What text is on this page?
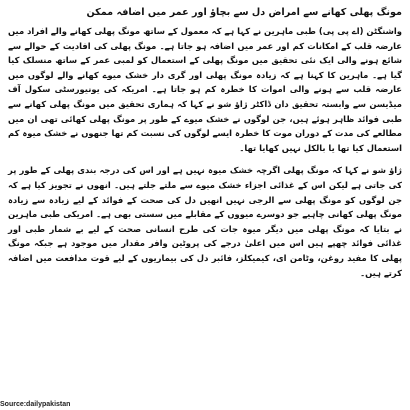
مونگ پھلی کھانے سے امراض دل سے بچاؤ اور عمر میں اضافہ ممکن

واشنگٹن (اے پی پی) طبی ماہرین نے کہا ہے کہ معمول کے ساتھ مونگ پھلی کھانے والے افراد میں عارضہ قلب کے امکانات کم اور عمر میں اضافہ ہو جاتا ہے۔ مونگ پھلی کی افادیت کے حوالے سے شائع ہونے والی ایک نئی تحقیق میں مونگ پھلی کے استعمال کو لمبی عمر کے ساتھ منسلک کیا گیا ہے۔ ماہرین کا کہنا ہے کہ زیادہ مونگ پھلی اور گری دار خشک میوے کھانے والے لوگوں میں عارضہ قلب سے ہونے والی اموات کا خطرہ کم ہو جاتا ہے۔ امریکہ کی یونیورسٹی سکول آف میڈیسن سے وابستہ تحقیق دان ڈاکٹر ژاؤ شو نے کہا کہ ہماری تحقیق میں مونگ پھلی کھانے سے طبی فوائد ظاہر ہوئے ہیں، جن لوگوں نے خشک میوے کے طور پر مونگ پھلی کھائی تھی ان میں مطالعے کی مدت کے دوران موت کا خطرہ ایسے لوگوں کی نسبت کم تھا جنھوں نے خشک میوہ کم استعمال کیا تھا یا بالکل نہیں کھایا تھا۔

ژاؤ شو نے کہا کہ مونگ پھلی اگرچہ خشک میوہ نہیں ہے اور اس کی درجہ بندی پھلی کے طور پر کی جاتی ہے لیکن اس کے غذائی اجزاء خشک میوے سے ملتے جلتے ہیں۔ انھوں نے تجویز کیا ہے کہ جن لوگوں کو مونگ پھلی سے الرجی نہیں انھیں دل کی صحت کے فوائد کے لیے زیادہ سے زیادہ مونگ پھلی کھانی چاہیے جو دوسرے میووں کے مقابلے میں سستی بھی ہے۔ امریکی طبی ماہرین نے بتایا کہ مونگ پھلی میں دیگر میوہ جات کی طرح انسانی صحت کے لیے بے شمار طبی اور غذائی فوائد چھپے ہیں اس میں اعلیٰ درجے کی پروٹین وافر مقدار میں موجود ہے جبکہ مونگ پھلی کا مفید روغن، وٹامن ای، کیمیکلز، فائبر دل کی بیماریوں کے لیے قوت مدافعت میں اضافہ کرتے ہیں۔

Source:dailypakistan
